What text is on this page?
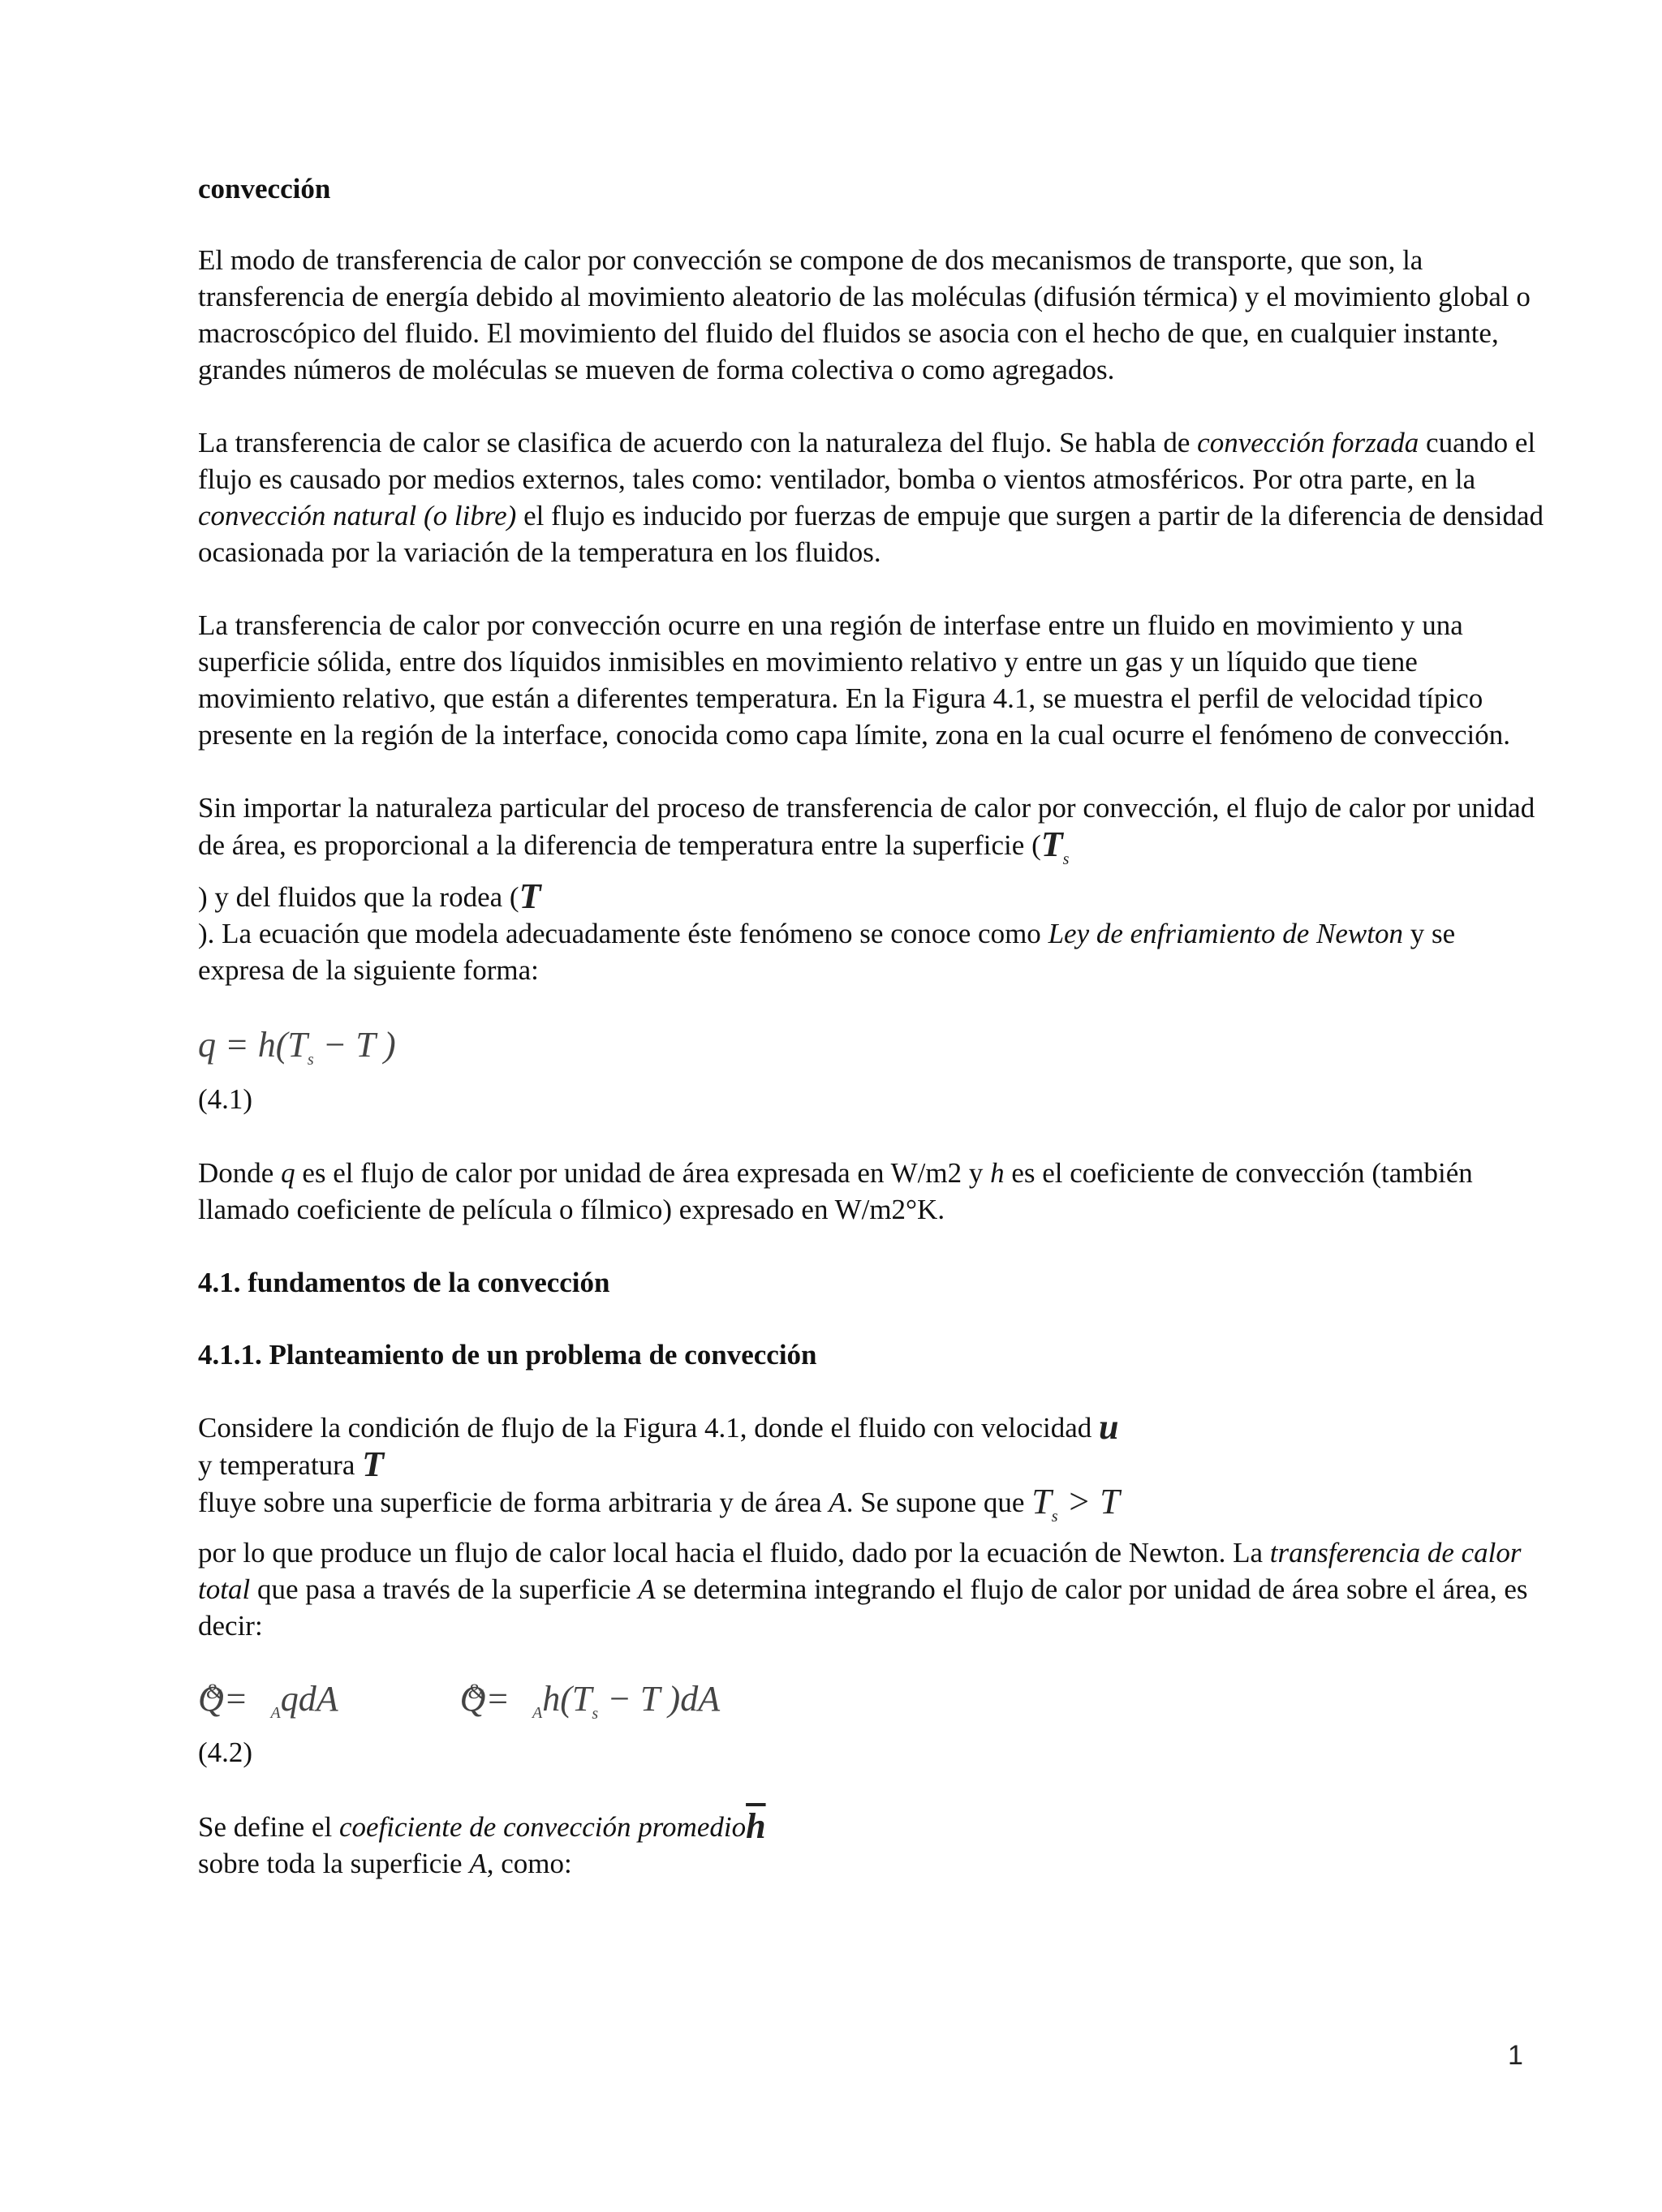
convección

El modo de transferencia de calor por convección se compone de dos mecanismos de transporte, que son, la transferencia de energía debido al movimiento aleatorio de las moléculas (difusión térmica) y el movimiento global o macroscópico del fluido. El movimiento del fluido del fluidos se asocia con el hecho de que, en cualquier instante, grandes números de moléculas se mueven de forma colectiva o como agregados.

La transferencia de calor se clasifica de acuerdo con la naturaleza del flujo. Se habla de convección forzada cuando el flujo es causado por medios externos, tales como: ventilador, bomba o vientos atmosféricos. Por otra parte, en la convección natural (o libre) el flujo es inducido por fuerzas de empuje que surgen a partir de la diferencia de densidad ocasionada por la variación de la temperatura en los fluidos.

La transferencia de calor por convección ocurre en una región de interfase entre un fluido en movimiento y una superficie sólida, entre dos líquidos inmisibles en movimiento relativo y entre un gas y un líquido que tiene movimiento relativo, que están a diferentes temperatura. En la Figura 4.1, se muestra el perfil de velocidad típico presente en la región de la interface, conocida como capa límite, zona en la cual ocurre el fenómeno de convección.

Sin importar la naturaleza particular del proceso de transferencia de calor por convección, el flujo de calor por unidad de área, es proporcional a la diferencia de temperatura entre la superficie ($T_s$
) y del fluidos que la rodea (T
). La ecuación que modela adecuadamente éste fenómeno se conoce como Ley de enfriamiento de Newton y se expresa de la siguiente forma:

$q = h(T_s - T$ )

(4.1)

Donde q es el flujo de calor por unidad de área expresada en W/m2 y h es el coeficiente de convección (también llamado coeficiente de película o fílmico) expresado en W/m2°K.

4.1. fundamentos de la convección

4.1.1. Planteamiento de un problema de convección

Considere la condición de flujo de la Figura 4.1, donde el fluido con velocidad u
y temperatura T
fluye sobre una superficie de forma arbitraria y de área A. Se supone que $T_s > T$
por lo que produce un flujo de calor local hacia el fluido, dado por la ecuación de Newton. La transferencia de calor total que pasa a través de la superficie A se determina integrando el flujo de calor por unidad de área sobre el área, es decir:

& Q= $_A$qdA	& $Q= _Ah(T_s - T$ )dA

(4.2)

Se define el coeficiente de convección $promedio\overline{h}$
sobre toda la superficie A, como:

1
